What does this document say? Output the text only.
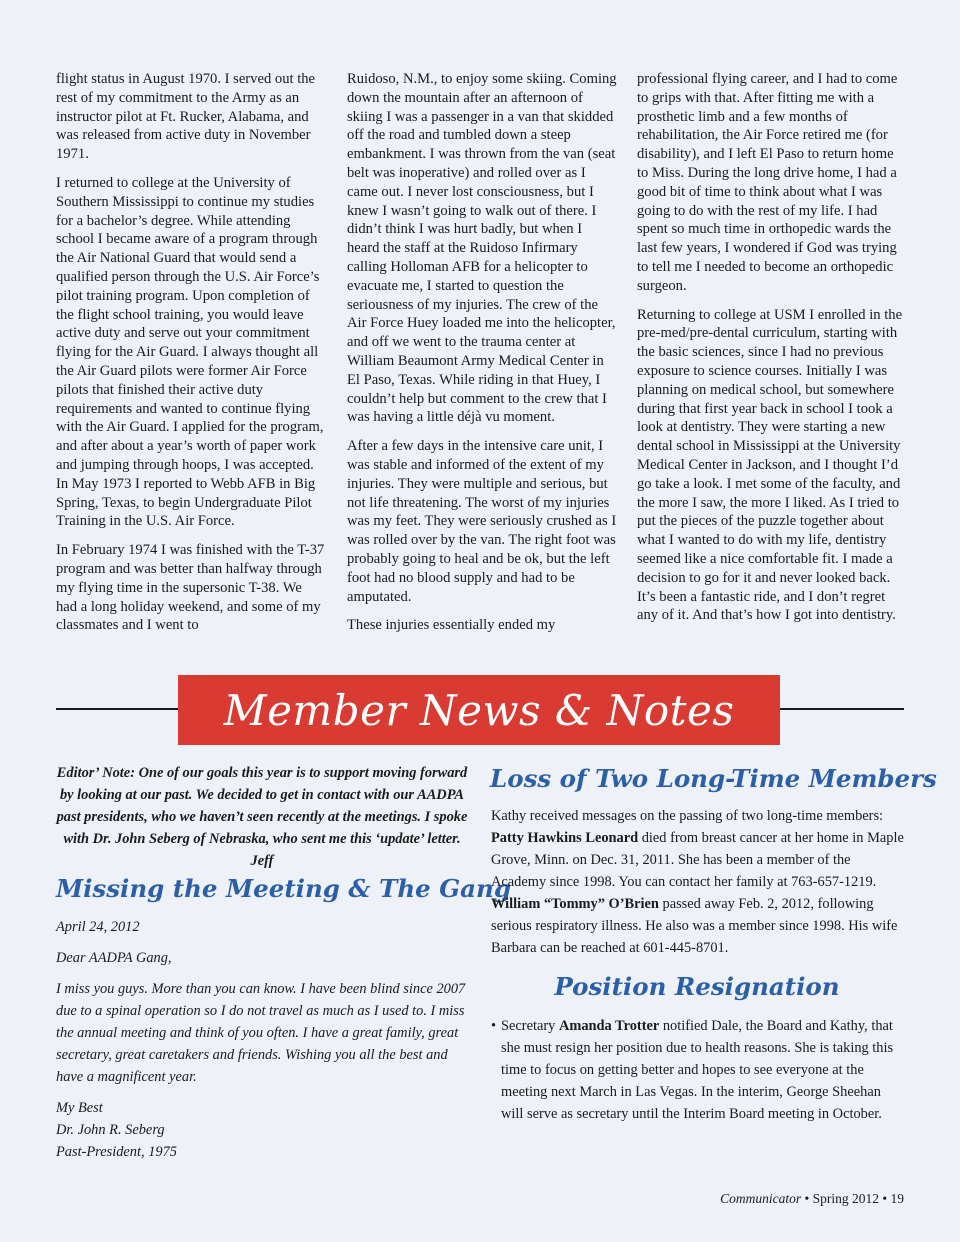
flight status in August 1970. I served out the rest of my commitment to the Army as an instructor pilot at Ft. Rucker, Alabama, and was released from active duty in November 1971.

I returned to college at the University of Southern Mississippi to continue my studies for a bachelor’s degree. While attending school I became aware of a program through the Air National Guard that would send a qualified person through the U.S. Air Force’s pilot training program. Upon completion of the flight school training, you would leave active duty and serve out your commitment flying for the Air Guard. I always thought all the Air Guard pilots were former Air Force pilots that finished their active duty requirements and wanted to continue flying with the Air Guard. I applied for the program, and after about a year’s worth of paper work and jumping through hoops, I was accepted. In May 1973 I reported to Webb AFB in Big Spring, Texas, to begin Undergraduate Pilot Training in the U.S. Air Force.

In February 1974 I was finished with the T-37 program and was better than halfway through my flying time in the supersonic T-38. We had a long holiday weekend, and some of my classmates and I went to

Ruidoso, N.M., to enjoy some skiing. Coming down the mountain after an afternoon of skiing I was a passenger in a van that skidded off the road and tumbled down a steep embankment. I was thrown from the van (seat belt was inoperative) and rolled over as I came out. I never lost consciousness, but I knew I wasn’t going to walk out of there. I didn’t think I was hurt badly, but when I heard the staff at the Ruidoso Infirmary calling Holloman AFB for a helicopter to evacuate me, I started to question the seriousness of my injuries. The crew of the Air Force Huey loaded me into the helicopter, and off we went to the trauma center at William Beaumont Army Medical Center in El Paso, Texas. While riding in that Huey, I couldn’t help but comment to the crew that I was having a little déjà vu moment.

After a few days in the intensive care unit, I was stable and informed of the extent of my injuries. They were multiple and serious, but not life threatening. The worst of my injuries was my feet. They were seriously crushed as I was rolled over by the van. The right foot was probably going to heal and be ok, but the left foot had no blood supply and had to be amputated.

These injuries essentially ended my

professional flying career, and I had to come to grips with that. After fitting me with a prosthetic limb and a few months of rehabilitation, the Air Force retired me (for disability), and I left El Paso to return home to Miss. During the long drive home, I had a good bit of time to think about what I was going to do with the rest of my life. I had spent so much time in orthopedic wards the last few years, I wondered if God was trying to tell me I needed to become an orthopedic surgeon.

Returning to college at USM I enrolled in the pre-med/pre-dental curriculum, starting with the basic sciences, since I had no previous exposure to science courses. Initially I was planning on medical school, but somewhere during that first year back in school I took a look at dentistry. They were starting a new dental school in Mississippi at the University Medical Center in Jackson, and I thought I’d go take a look. I met some of the faculty, and the more I saw, the more I liked. As I tried to put the pieces of the puzzle together about what I wanted to do with my life, dentistry seemed like a nice comfortable fit. I made a decision to go for it and never looked back. It’s been a fantastic ride, and I don’t regret any of it. And that’s how I got into dentistry.

Member News & Notes
Editor’ Note: One of our goals this year is to support moving forward by looking at our past. We decided to get in contact with our AADPA past presidents, who we haven’t seen recently at the meetings. I spoke with Dr. John Seberg of Nebraska, who sent me this ‘update’ letter. Jeff
Missing the Meeting & The Gang

April 24, 2012

Dear AADPA Gang,

I miss you guys. More than you can know. I have been blind since 2007 due to a spinal operation so I do not travel as much as I used to. I miss the annual meeting and think of you often. I have a great family, great secretary, great caretakers and friends. Wishing you all the best and have a magnificent year.

My Best

Dr. John R. Seberg

Past-President, 1975

Loss of Two Long-Time Members
Kathy received messages on the passing of two long-time members: Patty Hawkins Leonard died from breast cancer at her home in Maple Grove, Minn. on Dec. 31, 2011. She has been a member of the Academy since 1998. You can contact her family at 763-657-1219. William “Tommy” O’Brien passed away Feb. 2, 2012, following serious respiratory illness. He also was a member since 1998. His wife Barbara can be reached at 601-445-8701.
Position Resignation
• Secretary Amanda Trotter notified Dale, the Board and Kathy, that she must resign her position due to health reasons. She is taking this time to focus on getting better and hopes to see everyone at the meeting next March in Las Vegas. In the interim, George Sheehan will serve as secretary until the Interim Board meeting in October.
Communicator • Spring 2012 • 19
